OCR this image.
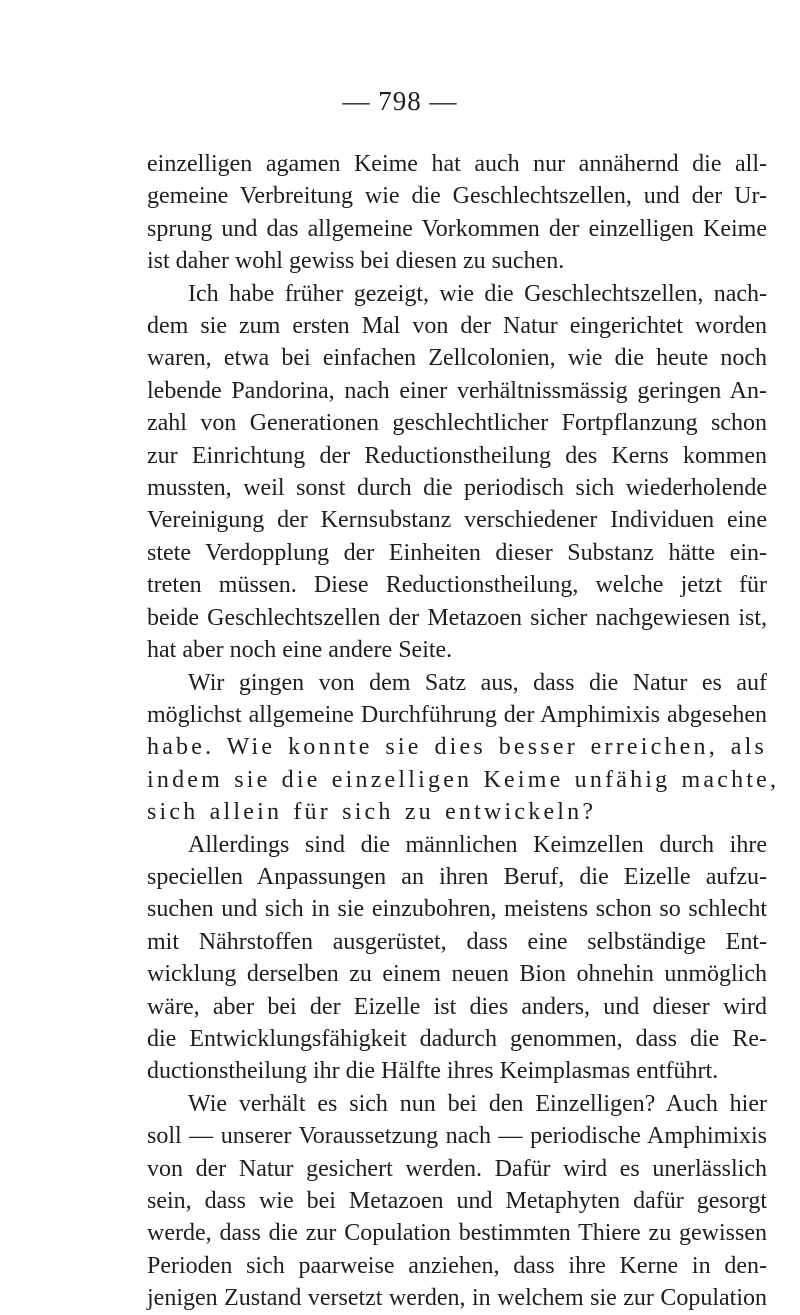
— 798 —
einzelligen agamen Keime hat auch nur annähernd die all-
gemeine Verbreitung wie die Geschlechtszellen, und der Ur-
sprung und das allgemeine Vorkommen der einzelligen Keime
ist daher wohl gewiss bei diesen zu suchen.
Ich habe früher gezeigt, wie die Geschlechtszellen, nach-
dem sie zum ersten Mal von der Natur eingerichtet worden
waren, etwa bei einfachen Zellcolonien, wie die heute noch
lebende Pandorina, nach einer verhältnissmässig geringen An-
zahl von Generationen geschlechtlicher Fortpflanzung schon
zur Einrichtung der Reductionstheilung des Kerns kommen
mussten, weil sonst durch die periodisch sich wiederholende
Vereinigung der Kernsubstanz verschiedener Individuen eine
stete Verdopplung der Einheiten dieser Substanz hätte ein-
treten müssen. Diese Reductionstheilung, welche jetzt für
beide Geschlechtszellen der Metazoen sicher nachgewiesen ist,
hat aber noch eine andere Seite.
Wir gingen von dem Satz aus, dass die Natur es auf
möglichst allgemeine Durchführung der Amphimixis abgesehen
habe. Wie konnte sie dies besser erreichen, als
indem sie die einzelligen Keime unfähig machte,
sich allein für sich zu entwickeln?
Allerdings sind die männlichen Keimzellen durch ihre
speciellen Anpassungen an ihren Beruf, die Eizelle aufzu-
suchen und sich in sie einzubohren, meistens schon so schlecht
mit Nährstoffen ausgerüstet, dass eine selbständige Ent-
wicklung derselben zu einem neuen Bion ohnehin unmöglich
wäre, aber bei der Eizelle ist dies anders, und dieser wird
die Entwicklungsfähigkeit dadurch genommen, dass die Re-
ductionstheilung ihr die Hälfte ihres Keimplasmas entführt.
Wie verhält es sich nun bei den Einzelligen? Auch hier
soll — unserer Voraussetzung nach — periodische Amphimixis
von der Natur gesichert werden. Dafür wird es unerlässlich
sein, dass wie bei Metazoen und Metaphyten dafür gesorgt
werde, dass die zur Copulation bestimmten Thiere zu gewissen
Perioden sich paarweise anziehen, dass ihre Kerne in den-
jenigen Zustand versetzt werden, in welchem sie zur Copulation
